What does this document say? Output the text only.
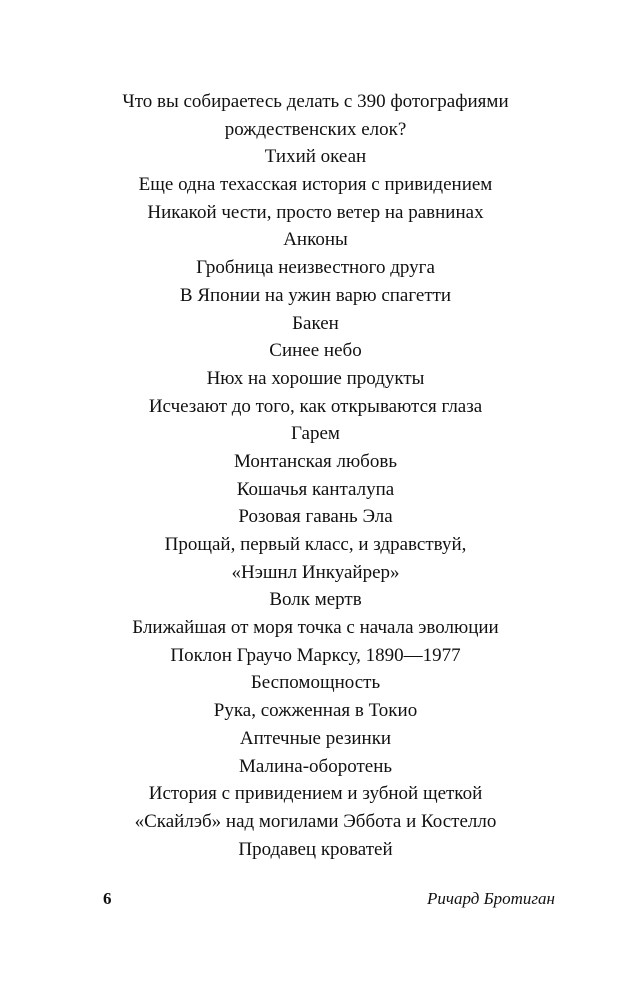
Что вы собираетесь делать с 390 фотографиями
рождественских елок?
Тихий океан
Еще одна техасская история с привидением
Никакой чести, просто ветер на равнинах
Анконы
Гробница неизвестного друга
В Японии на ужин варю спагетти
Бакен
Синее небо
Нюх на хорошие продукты
Исчезают до того, как открываются глаза
Гарем
Монтанская любовь
Кошачья канталупа
Розовая гавань Эла
Прощай, первый класс, и здравствуй,
«Нэшнл Инкуайрер»
Волк мертв
Ближайшая от моря точка с начала эволюции
Поклон Граучо Марксу, 1890—1977
Беспомощность
Рука, сожженная в Токио
Аптечные резинки
Малина-оборотень
История с привидением и зубной щеткой
«Скайлэб» над могилами Эббота и Костелло
Продавец кроватей
6	Ричард Бротиган
